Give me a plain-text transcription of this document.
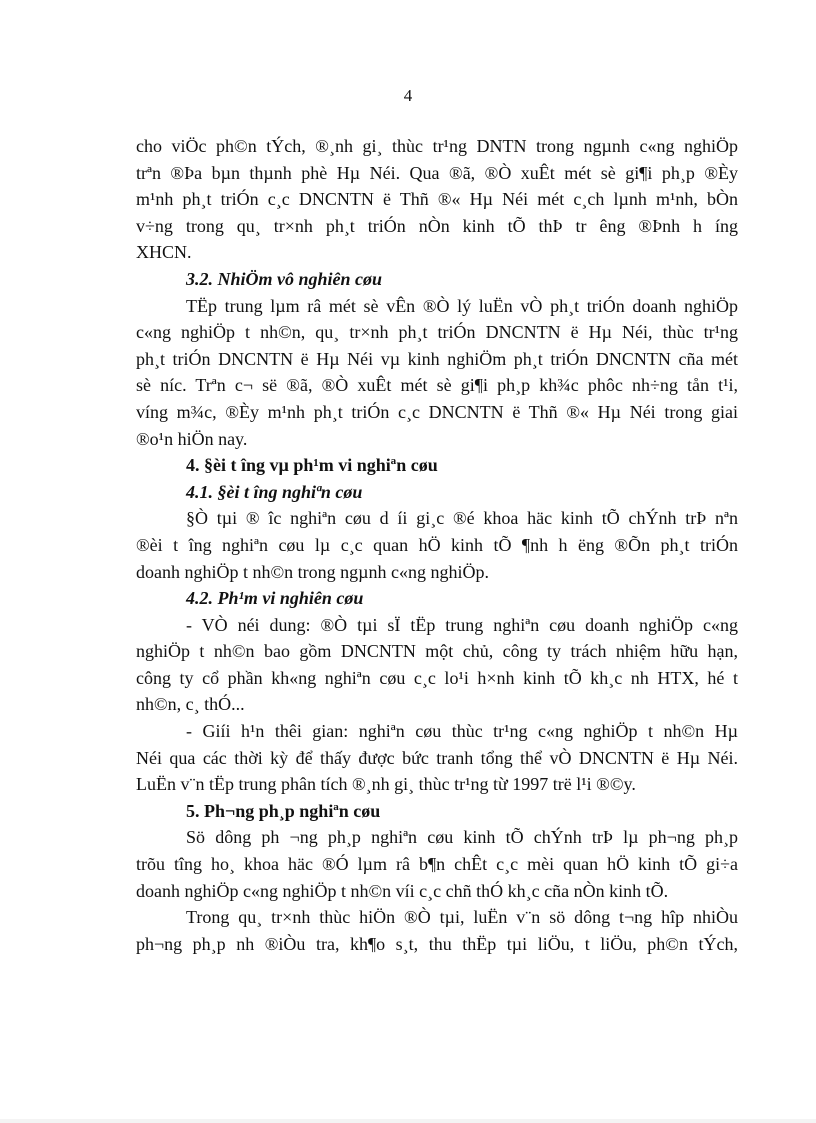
4
cho viÖc ph©n tÝch, ®¸nh gi¸ thùc tr¹ng DNTN trong ngµnh c«ng nghiÖp
trªn ®Þa bµn thµnh phè Hµ Néi. Qua ®ã, ®Ò xuÊt mét sè gi¶i ph¸p ®Èy
m¹nh ph¸t triÓn c¸c DNCNTN ë Thñ ®« Hµ Néi mét c¸ch lµnh m¹nh, bÒn
v÷ng trong qu¸ tr×nh ph¸t triÓn nÒn kinh tÕ thÞ tr êng ®Þnh h íng
XHCN.
3.2. NhiÖm vô nghiên cøu
TËp trung lµm râ mét sè vÊn ®Ò lý luËn vÒ ph¸t triÓn doanh nghiÖp
c«ng nghiÖp t nh©n, qu¸ tr×nh ph¸t triÓn DNCNTN ë Hµ Néi, thùc tr¹ng
ph¸t triÓn DNCNTN ë Hµ Néi vµ kinh nghiÖm ph¸t triÓn DNCNTN cña mét
sè níc. Trªn c¬ së ®ã, ®Ò xuÊt mét sè gi¶i ph¸p kh¾c phôc nh÷ng tån t¹i,
víng m¾c, ®Èy m¹nh ph¸t triÓn c¸c DNCNTN ë Thñ ®« Hµ Néi trong giai
®o¹n hiÖn nay.
4. §èi t îng vµ ph¹m vi nghiªn cøu
4.1. §èi t îng nghiªn cøu
§Ò tµi ® îc nghiªn cøu d íi gi¸c ®é khoa häc kinh tÕ chÝnh trÞ nªn
®èi t îng nghiªn cøu lµ c¸c quan hÖ kinh tÕ ¶nh h ëng ®Õn ph¸t triÓn
doanh nghiÖp t nh©n trong ngµnh c«ng nghiÖp.
4.2. Ph¹m vi nghiên cøu
- VÒ néi dung: ®Ò tµi sÏ tËp trung nghiªn cøu doanh nghiÖp c«ng
nghiÖp t nh©n bao gồm DNCNTN một chủ, công ty trách nhiệm hữu hạn,
công ty cổ phần kh«ng nghiªn cøu c¸c lo¹i h×nh kinh tÕ kh¸c nh HTX, hé t
nh©n, c¸ thÓ...
- Giíi h¹n thêi gian: nghiªn cøu thùc tr¹ng c«ng nghiÖp t nh©n Hµ
Néi qua các thời kỳ để thấy được bức tranh tổng thể vÒ DNCNTN ë Hµ Néi.
LuËn v¨n tËp trung phân tích ®¸nh gi¸ thùc tr¹ng từ 1997 trë l¹i ®©y.
5. Ph¬ng ph¸p nghiªn cøu
Sö dông ph ¬ng ph¸p nghiªn cøu kinh tÕ chÝnh trÞ lµ ph¬ng ph¸p
trõu tîng ho¸ khoa häc ®Ó lµm râ b¶n chÊt c¸c mèi quan hÖ kinh tÕ gi÷a
doanh nghiÖp c«ng nghiÖp t nh©n víi c¸c chñ thÓ kh¸c cña nÒn kinh tÕ.
Trong qu¸ tr×nh thùc hiÖn ®Ò tµi, luËn v¨n sö dông t¬ng hîp nhiÒu
ph¬ng ph¸p nh ®iÒu tra, kh¶o s¸t, thu thËp tµi liÖu, t liÖu, ph©n tÝch,
